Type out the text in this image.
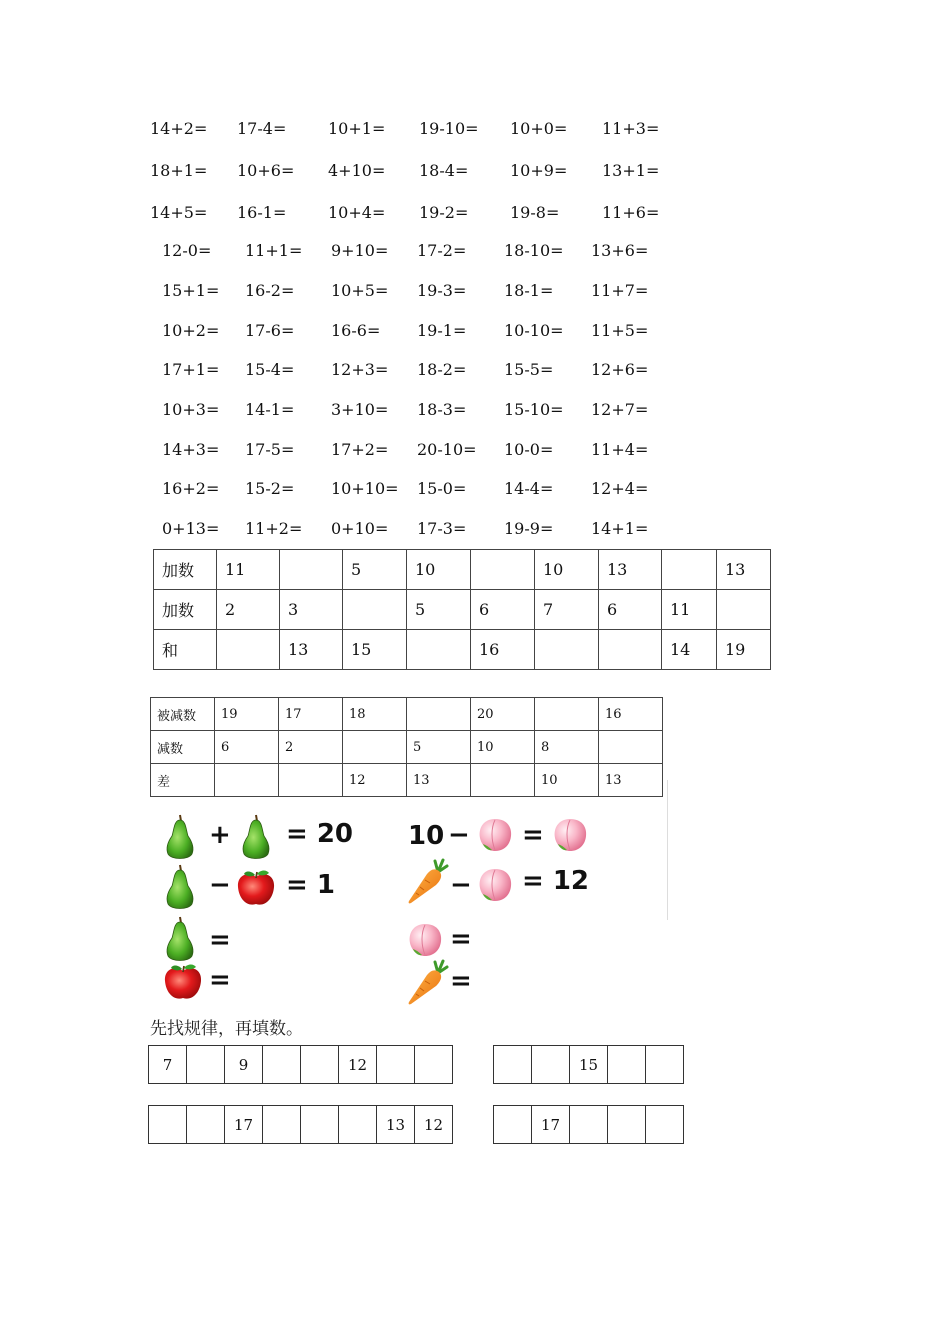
14+2= 17-4=	10+1= 19-10= 10+0= 11+3=
18+1= 10+6= 4+10= 18-4=	10+9= 13+1=
14+5= 16-1=	10+4= 19-2=	19-8=	11+6=
12-0= 11+1= 9+10= 17-2= 18-10= 13+6=
15+1= 16-2= 10+5= 19-3= 18-1= 11+7=
10+2= 17-6= 16-6= 19-1= 10-10= 11+5=
17+1= 15-4= 12+3= 18-2= 15-5= 12+6=
10+3= 14-1= 3+10= 18-3= 15-10= 12+7=
14+3= 17-5= 17+2= 20-10= 10-0= 11+4=
16+2= 15-2= 10+10= 15-0= 14-4= 12+4=
0+13= 11+2= 0+10= 17-3= 19-9= 14+1=
加数	11		5	10		10	13		13
加数	2	3		5	6	7	6	11	
和		13	15		16			14	19
被减数	19	17	18		20		16
减数	6	2		5	10	8	
差			12	13		10	13
+ = 20
− = 1
=
=
10 − =
− = 12
=
=
先找规律，再填数。
7		9			12		
			15		
		17				13	12
		17			
